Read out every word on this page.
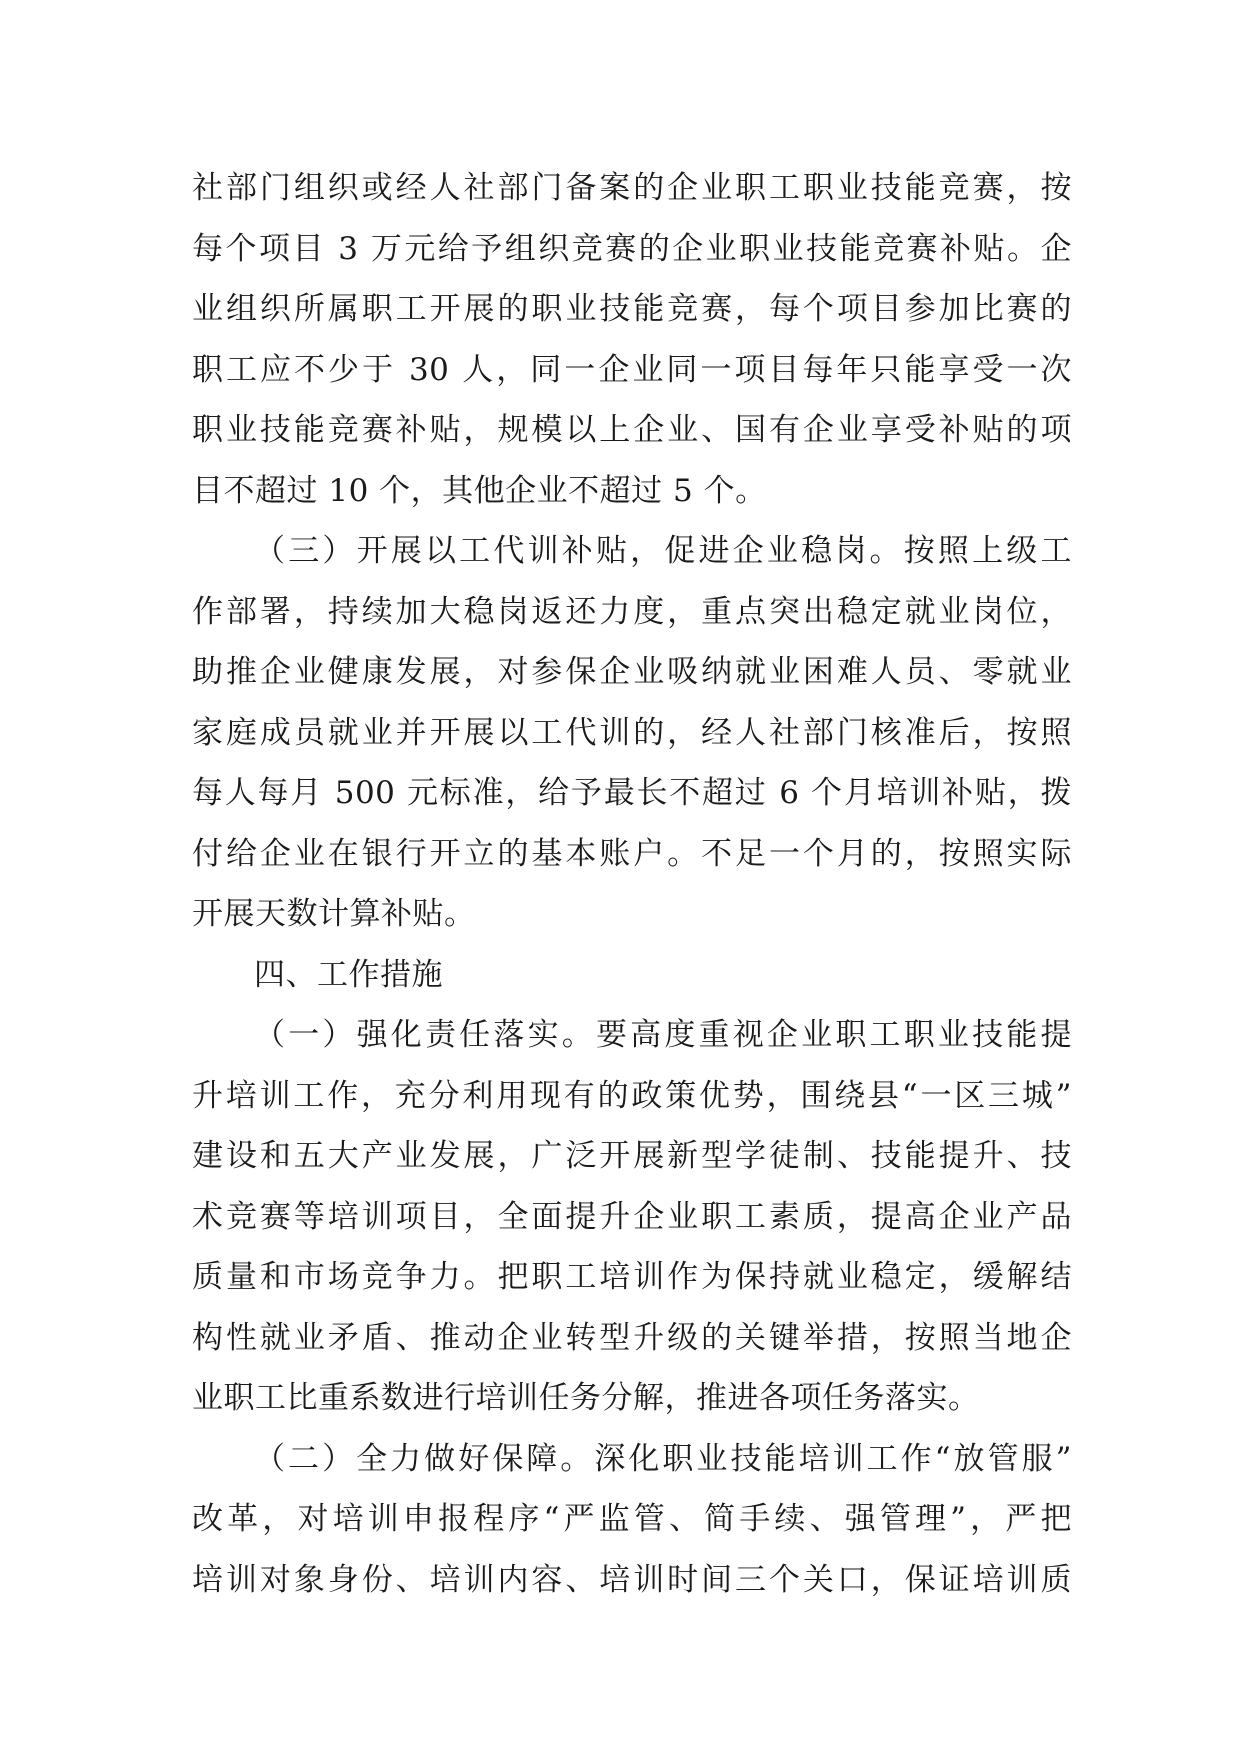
社部门组织或经人社部门备案的企业职工职业技能竞赛，按
每个项目 3 万元给予组织竞赛的企业职业技能竞赛补贴。企
业组织所属职工开展的职业技能竞赛，每个项目参加比赛的
职工应不少于 30 人，同一企业同一项目每年只能享受一次
职业技能竞赛补贴，规模以上企业、国有企业享受补贴的项
目不超过 10 个，其他企业不超过 5 个。
（三）开展以工代训补贴，促进企业稳岗。按照上级工
作部署，持续加大稳岗返还力度，重点突出稳定就业岗位，
助推企业健康发展，对参保企业吸纳就业困难人员、零就业
家庭成员就业并开展以工代训的，经人社部门核准后，按照
每人每月 500 元标准，给予最长不超过 6 个月培训补贴，拨
付给企业在银行开立的基本账户。不足一个月的，按照实际
开展天数计算补贴。
四、工作措施
（一）强化责任落实。要高度重视企业职工职业技能提
升培训工作，充分利用现有的政策优势，围绕县“一区三城”
建设和五大产业发展，广泛开展新型学徒制、技能提升、技
术竞赛等培训项目，全面提升企业职工素质，提高企业产品
质量和市场竞争力。把职工培训作为保持就业稳定，缓解结
构性就业矛盾、推动企业转型升级的关键举措，按照当地企
业职工比重系数进行培训任务分解，推进各项任务落实。
（二）全力做好保障。深化职业技能培训工作“放管服”
改革，对培训申报程序“严监管、简手续、强管理”，严把
培训对象身份、培训内容、培训时间三个关口，保证培训质
